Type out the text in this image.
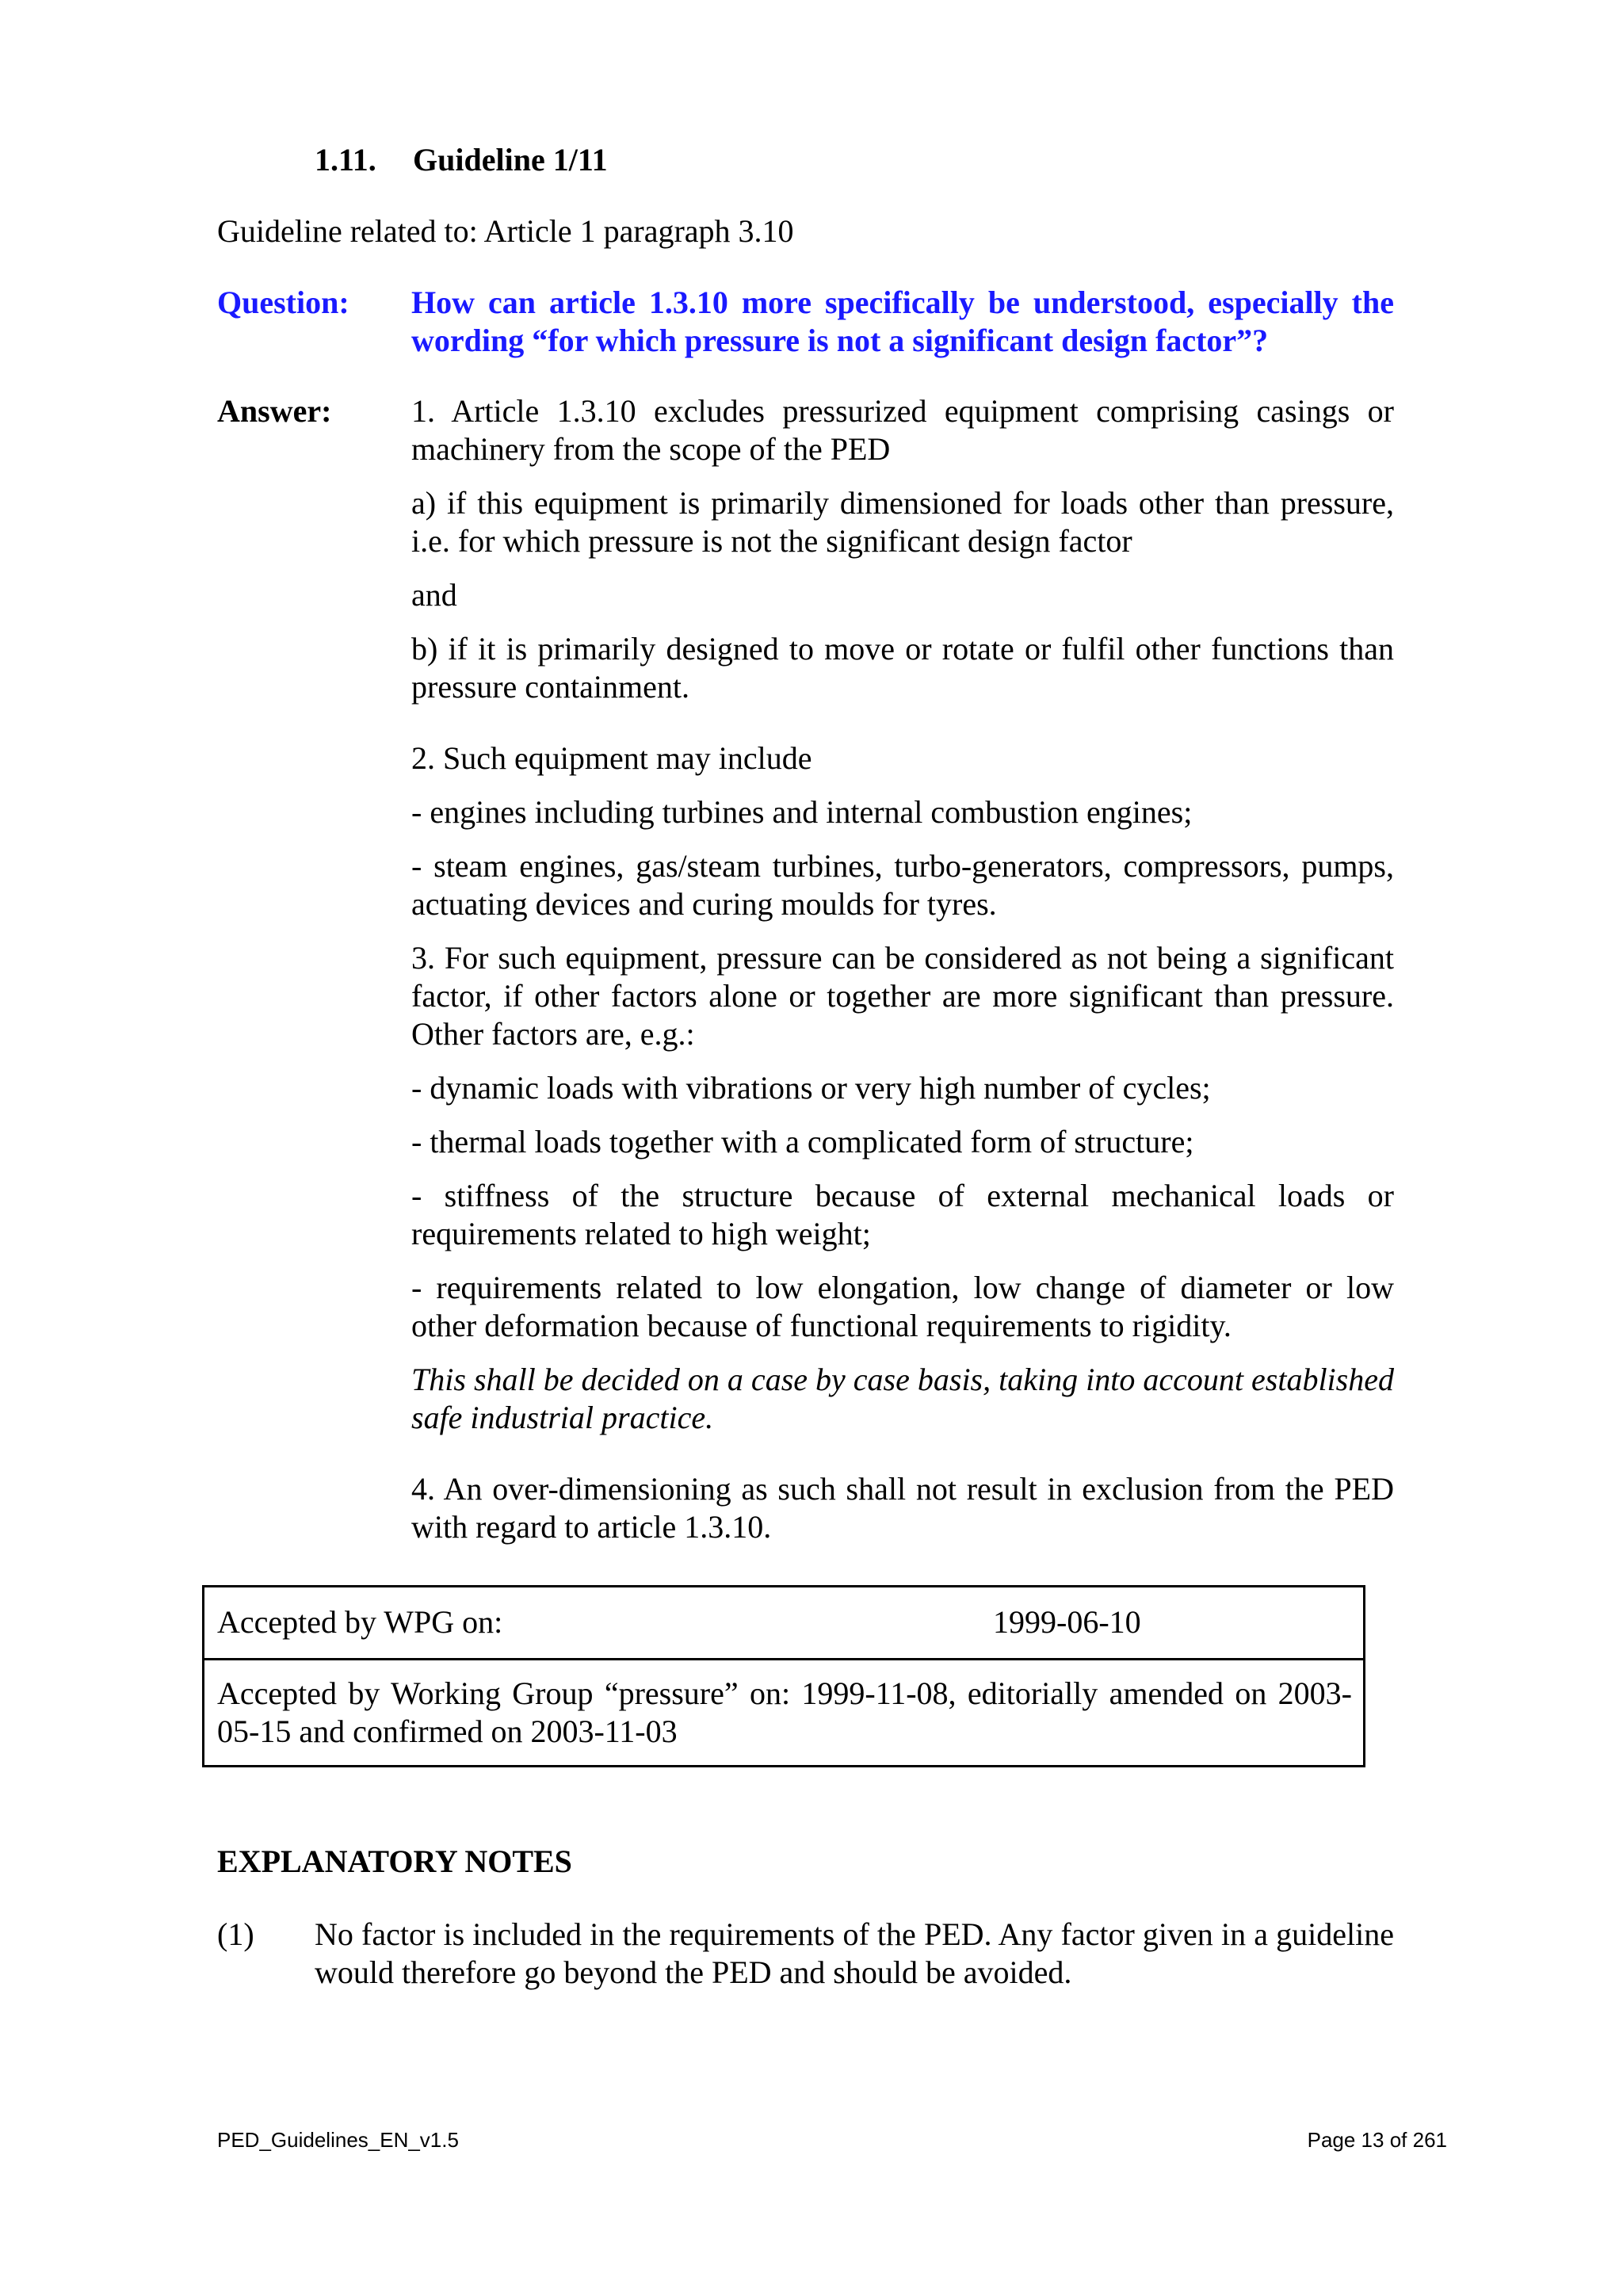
1.11. Guideline 1/11
Guideline related to: Article 1 paragraph 3.10
Question: How can article 1.3.10 more specifically be understood, especially the wording “for which pressure is not a significant design factor”?
Answer:	1. Article 1.3.10 excludes pressurized equipment comprising casings or machinery from the scope of the PED

a) if this equipment is primarily dimensioned for loads other than pressure, i.e. for which pressure is not the significant design factor

and

b) if it is primarily designed to move or rotate or fulfil other functions than pressure containment.

2. Such equipment may include

- engines including turbines and internal combustion engines;

- steam engines, gas/steam turbines, turbo-generators, compressors, pumps, actuating devices and curing moulds for tyres.

3. For such equipment, pressure can be considered as not being a significant factor, if other factors alone or together are more significant than pressure. Other factors are, e.g.:

- dynamic loads with vibrations or very high number of cycles;

- thermal loads together with a complicated form of structure;

- stiffness of the structure because of external mechanical loads or requirements related to high weight;

- requirements related to low elongation, low change of diameter or low other deformation because of functional requirements to rigidity.

This shall be decided on a case by case basis, taking into account established safe industrial practice.

4. An over-dimensioning as such shall not result in exclusion from the PED with regard to article 1.3.10.

Accepted by WPG on:	1999-06-10
Accepted by Working Group “pressure” on: 1999-11-08, editorially amended on 2003-05-15 and confirmed on 2003-11-03
EXPLANATORY NOTES
(1) No factor is included in the requirements of the PED. Any factor given in a guideline would therefore go beyond the PED and should be avoided.
PED_Guidelines_EN_v1.5	Page 13 of 261
